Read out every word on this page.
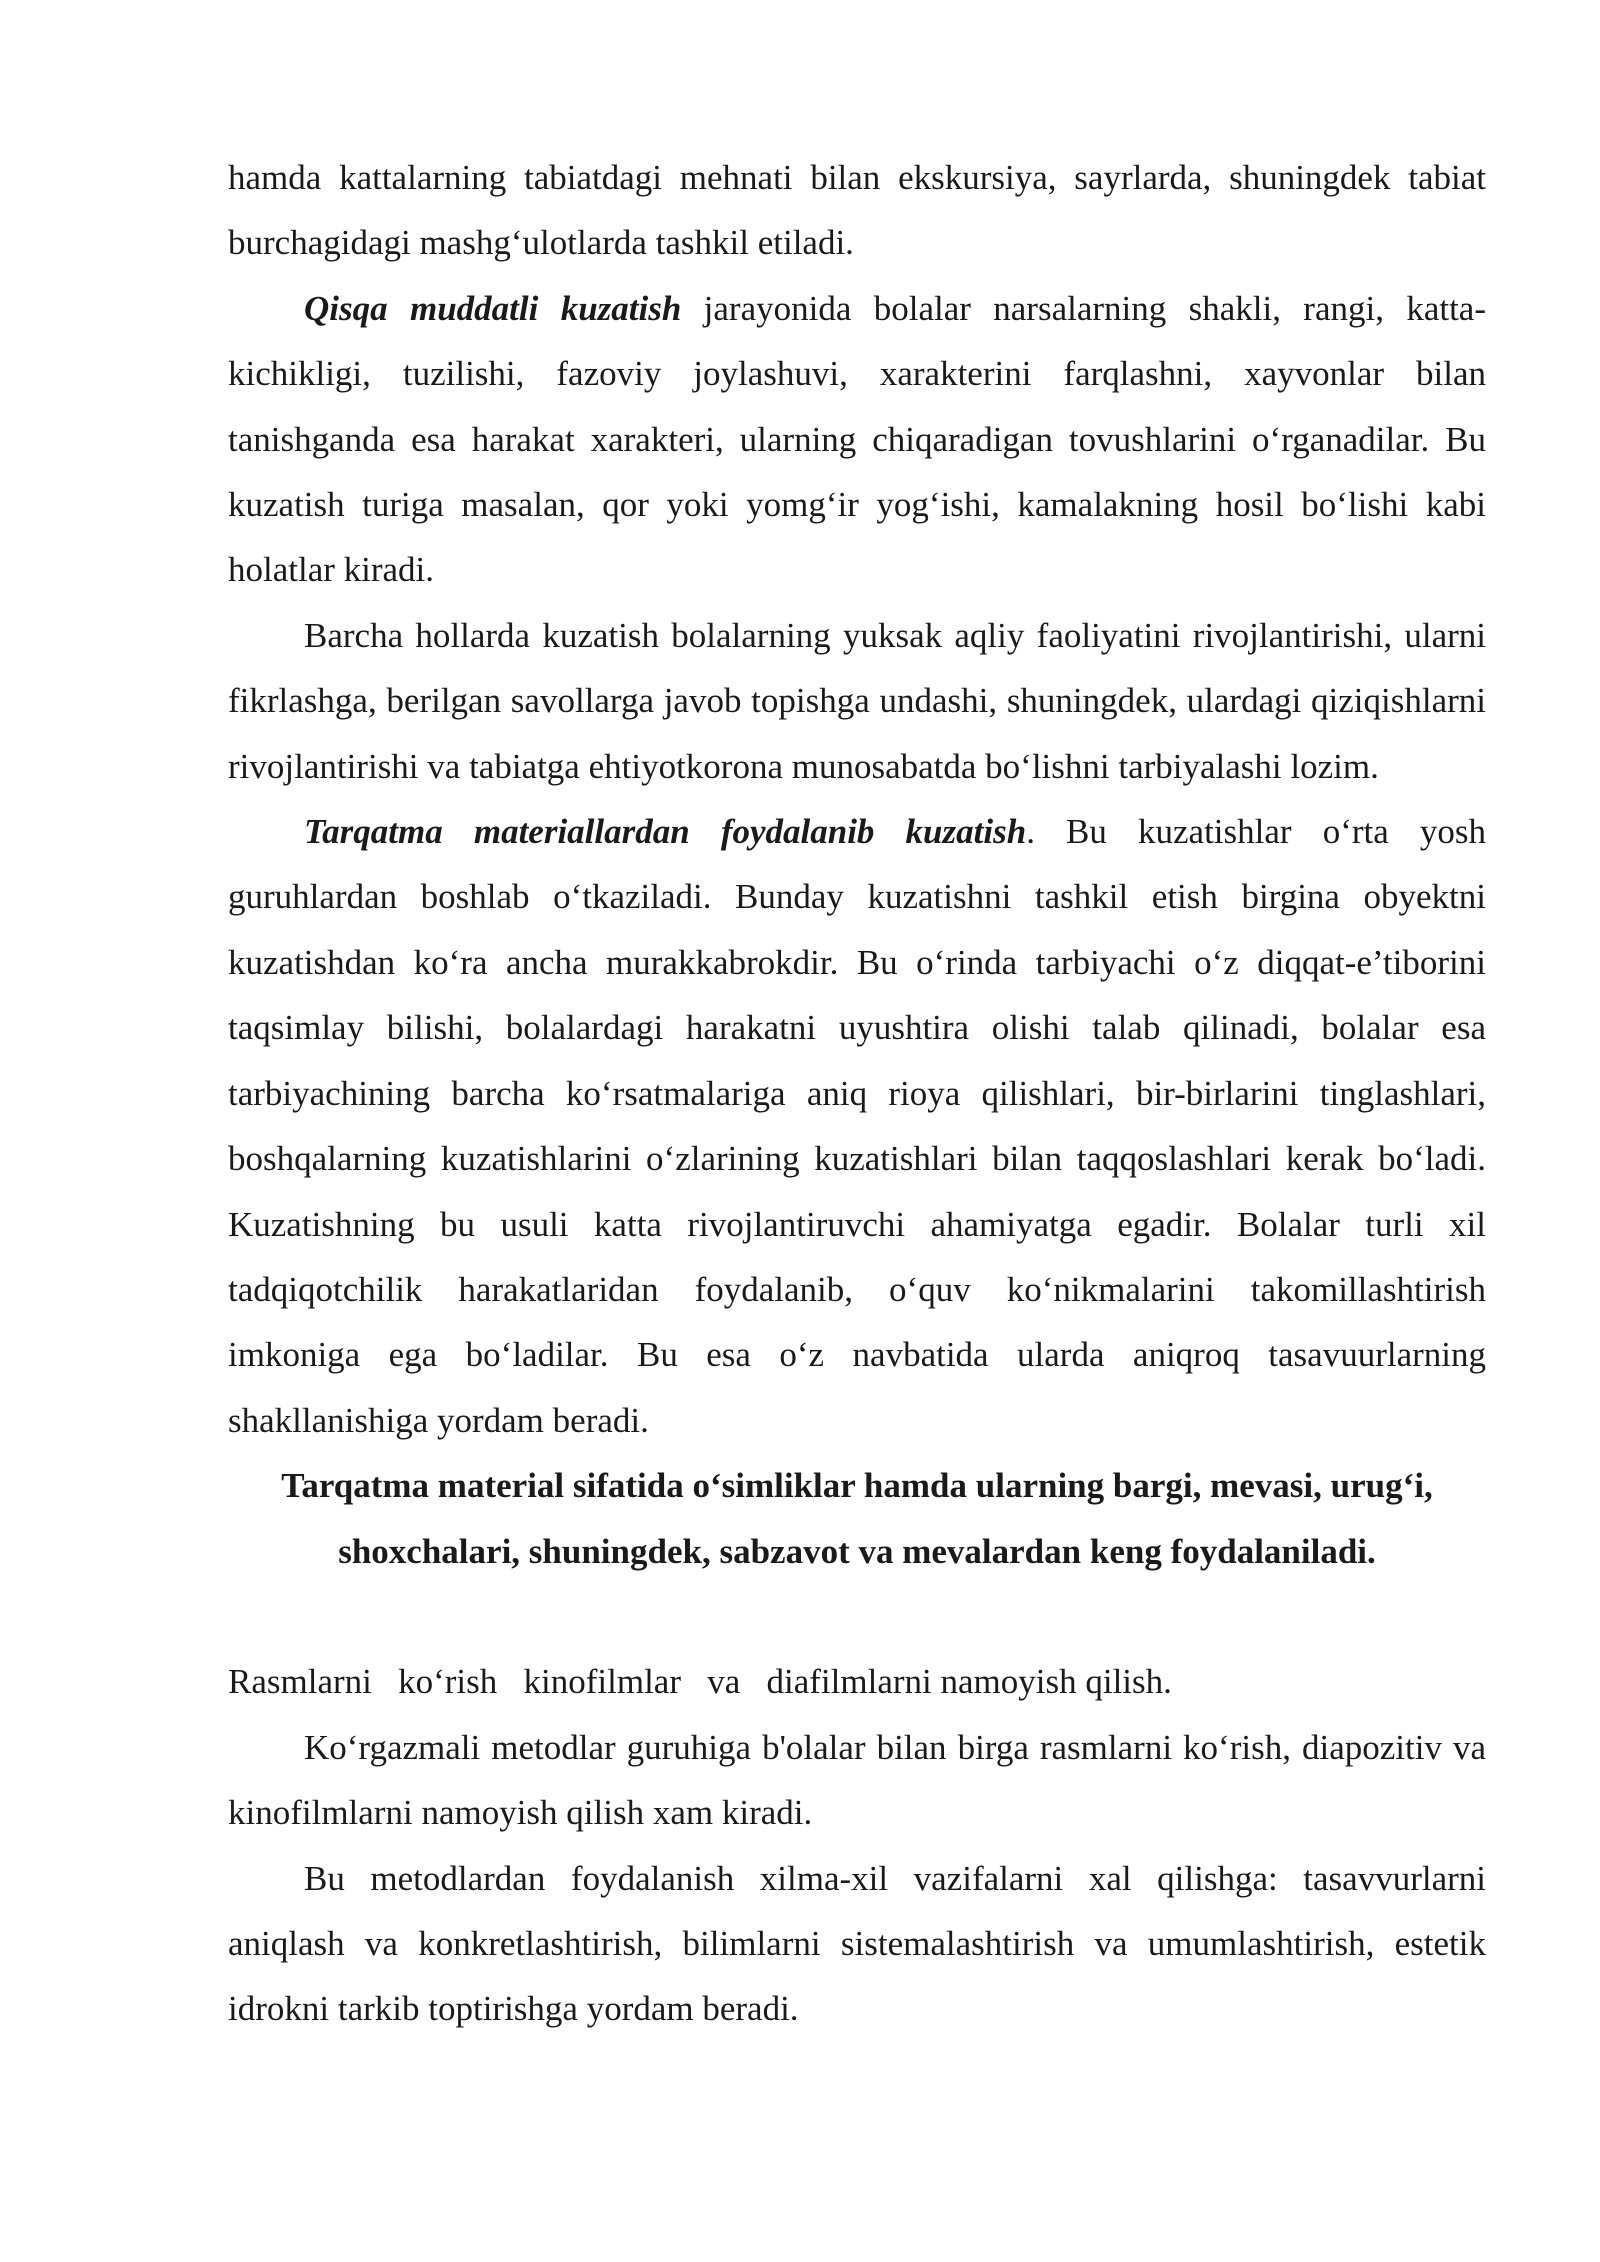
hamda kattalarning tabiatdagi mehnati bilan ekskursiya, sayrlarda, shuningdek tabiat burchagidagi mashg‘ulotlarda tashkil etiladi.

Qisqa muddatli kuzatish jarayonida bolalar narsalarning shakli, rangi, katta-kichikligi, tuzilishi, fazoviy joylashuvi, xarakterini farqlashni, xayvonlar bilan tanishganda esa harakat xarakteri, ularning chiqaradigan tovushlarini o‘rganadilar. Bu kuzatish turiga masalan, qor yoki yomg‘ir yog‘ishi, kamalakning hosil bo‘lishi kabi holatlar kiradi.

Barcha hollarda kuzatish bolalarning yuksak aqliy faoliyatini rivojlantirishi, ularni fikrlashga, berilgan savollarga javob topishga undashi, shuningdek, ulardagi qiziqishlarni rivojlantirishi va tabiatga ehtiyotkorona munosabatda bo‘lishni tarbiyalashi lozim.

Tarqatma materiallardan foydalanib kuzatish. Bu kuzatishlar o‘rta yosh guruhlardan boshlab o‘tkaziladi. Bunday kuzatishni tashkil etish birgina obyektni kuzatishdan ko‘ra ancha murakkabrokdir. Bu o‘rinda tarbiyachi o‘z diqqat-e’tiborini taqsimlay bilishi, bolalardagi harakatni uyushtira olishi talab qilinadi, bolalar esa tarbiyachining barcha ko‘rsatmalariga aniq rioya qilishlari, bir-birlarini tinglashlari, boshqalarning kuzatishlarini o‘zlarining kuzatishlari bilan taqqoslashlari kerak bo‘ladi. Kuzatishning bu usuli katta rivojlantiruvchi ahamiyatga egadir. Bolalar turli xil tadqiqotchilik harakatlaridan foydalanib, o‘quv ko‘nikmalarini takomillashtirish imkoniga ega bo‘ladilar. Bu esa o‘z navbatida ularda aniqroq tasavuurlarning shakllanishiga yordam beradi.

Tarqatma material sifatida o‘simliklar hamda ularning bargi, mevasi, urug‘i, shoxchalari, shuningdek, sabzavot va mevalardan keng foydalaniladi.

Rasmlarni   ko‘rish   kinofilmlar   va   diafilmlarni namoyish qilish.

Ko‘rgazmali metodlar guruhiga b'olalar bilan birga rasmlarni ko‘rish, diapozitiv va kinofilmlarni namoyish qilish xam kiradi.

Bu metodlardan foydalanish xilma-xil vazifalarni xal qilishga: tasavvurlarni aniqlash va konkretlashtirish, bilimlarni sistemalashtirish va umumlashtirish, estetik idrokni tarkib toptirishga yordam beradi.
